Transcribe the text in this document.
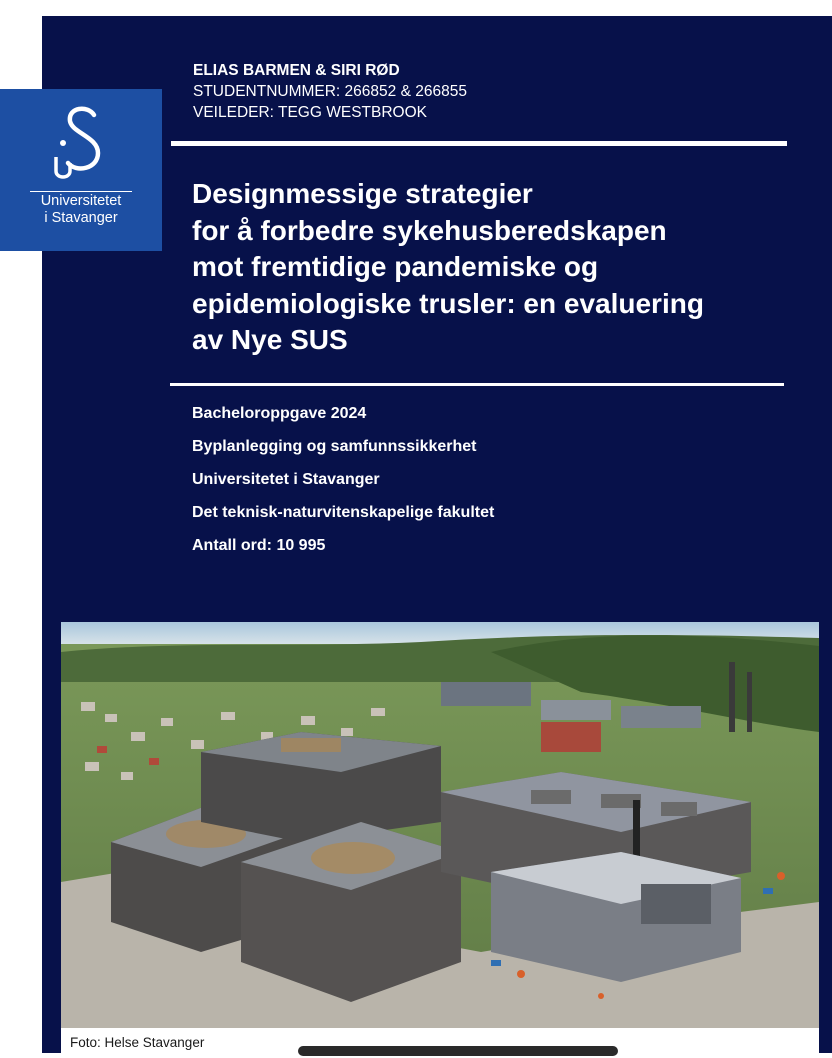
Universitetet
i Stavanger
ELIAS BARMEN & SIRI RØD
STUDENTNUMMER: 266852 & 266855
VEILEDER: TEGG WESTBROOK
Designmessige strategier
for å forbedre sykehusberedskapen
mot fremtidige pandemiske og
epidemiologiske trusler: en evaluering
av Nye SUS
Bacheloroppgave 2024
Byplanlegging og samfunnssikkerhet
Universitetet i Stavanger
Det teknisk-naturvitenskapelige fakultet
Antall ord: 10 995
Foto: Helse Stavanger
